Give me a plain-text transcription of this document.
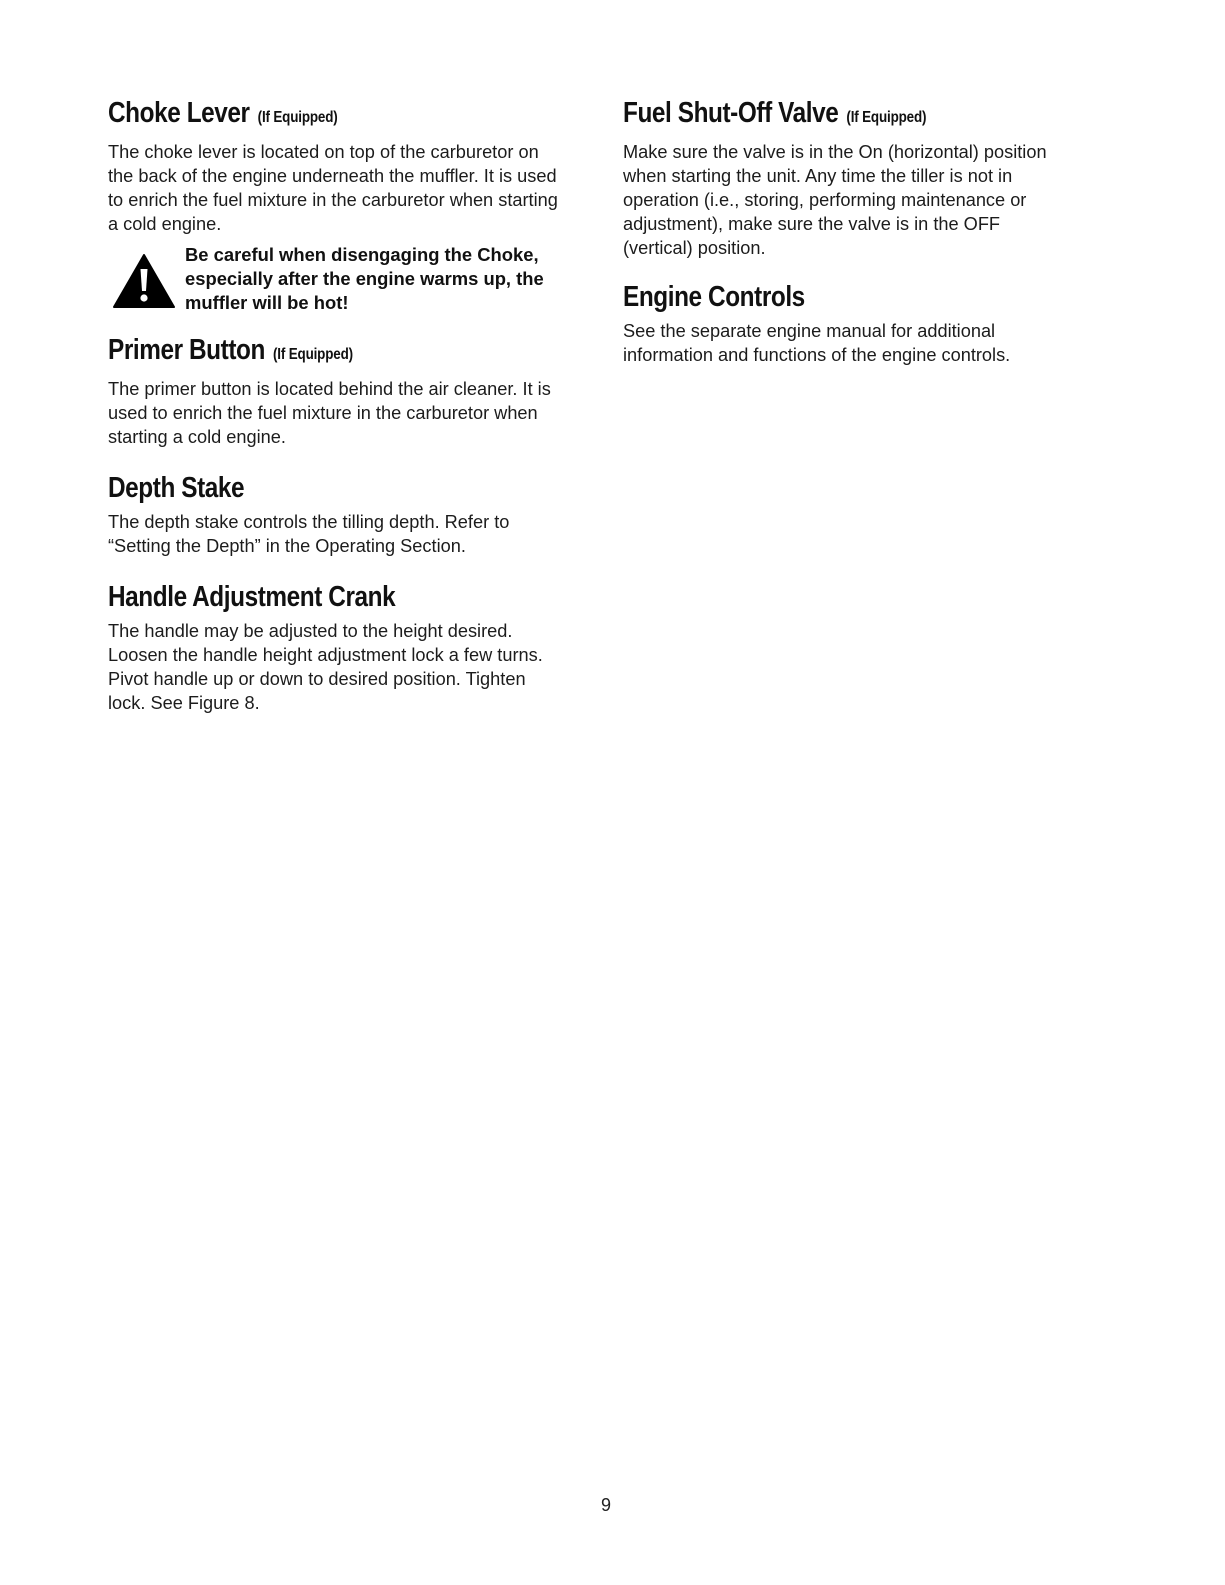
Choke Lever (If Equipped)

The choke lever is located on top of the carburetor on
the back of the engine underneath the muffler. It is used
to enrich the fuel mixture in the carburetor when starting
a cold engine.

Be careful when disengaging the Choke,
especially after the engine warms up, the
muffler will be hot!
Primer Button (If Equipped)

The primer button is located behind the air cleaner. It is
used to enrich the fuel mixture in the carburetor when
starting a cold engine.

Depth Stake

The depth stake controls the tilling depth. Refer to
“Setting the Depth” in the Operating Section.

Handle Adjustment Crank

The handle may be adjusted to the height desired.
Loosen the handle height adjustment lock a few turns.
Pivot handle up or down to desired position. Tighten
lock. See Figure 8.

Fuel Shut-Off Valve (If Equipped)

Make sure the valve is in the On (horizontal) position
when starting the unit. Any time the tiller is not in
operation (i.e., storing, performing maintenance or
adjustment), make sure the valve is in the OFF
(vertical) position.

Engine Controls

See the separate engine manual for additional
information and functions of the engine controls.

9
